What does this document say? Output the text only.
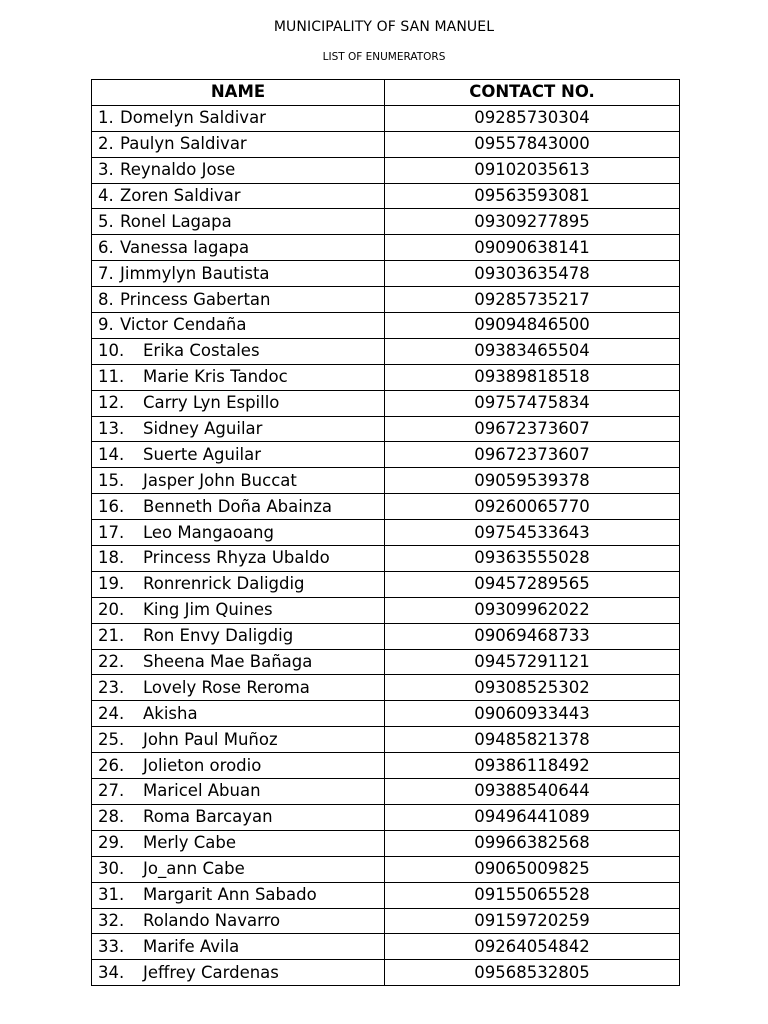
MUNICIPALITY OF SAN MANUEL
LIST OF ENUMERATORS
NAME	CONTACT NO.

1. Domelyn Saldivar	09285730304

2. Paulyn Saldivar	09557843000

3. Reynaldo Jose	09102035613

4. Zoren Saldivar	09563593081

5. Ronel Lagapa	09309277895

6. Vanessa lagapa	09090638141

7. Jimmylyn Bautista	09303635478

8. Princess Gabertan	09285735217

9. Victor Cendaña	09094846500

10. Erika Costales	09383465504

11. Marie Kris Tandoc	09389818518

12. Carry Lyn Espillo	09757475834

13. Sidney Aguilar	09672373607

14. Suerte Aguilar	09672373607

15. Jasper John Buccat	09059539378

16. Benneth Doña Abainza	09260065770

17. Leo Mangaoang	09754533643

18. Princess Rhyza Ubaldo	09363555028

19. Ronrenrick Daligdig	09457289565

20. King Jim Quines	09309962022

21. Ron Envy Daligdig	09069468733

22. Sheena Mae Bañaga	09457291121

23. Lovely Rose Reroma	09308525302

24. Akisha	09060933443

25. John Paul Muñoz	09485821378

26. Jolieton orodio	09386118492

27. Maricel Abuan	09388540644

28. Roma Barcayan	09496441089

29. Merly Cabe	09966382568

30. Jo_ann Cabe	09065009825

31. Margarit Ann Sabado	09155065528

32. Rolando Navarro	09159720259

33. Marife Avila	09264054842

34. Jeffrey Cardenas	09568532805
